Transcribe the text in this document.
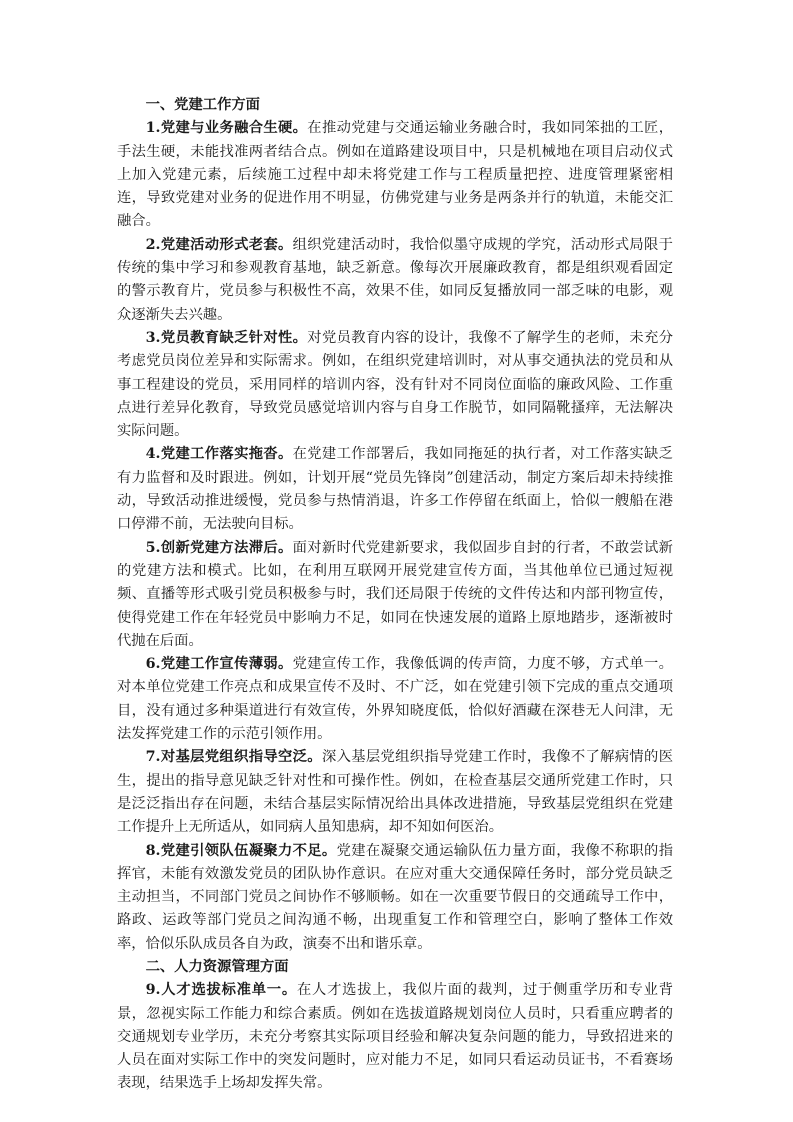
一、党建工作方面

1.党建与业务融合生硬。在推动党建与交通运输业务融合时，我如同笨拙的工匠，手法生硬，未能找准两者结合点。例如在道路建设项目中，只是机械地在项目启动仪式上加入党建元素，后续施工过程中却未将党建工作与工程质量把控、进度管理紧密相连，导致党建对业务的促进作用不明显，仿佛党建与业务是两条并行的轨道，未能交汇融合。

2.党建活动形式老套。组织党建活动时，我恰似墨守成规的学究，活动形式局限于传统的集中学习和参观教育基地，缺乏新意。像每次开展廉政教育，都是组织观看固定的警示教育片，党员参与积极性不高，效果不佳，如同反复播放同一部乏味的电影，观众逐渐失去兴趣。

3.党员教育缺乏针对性。对党员教育内容的设计，我像不了解学生的老师，未充分考虑党员岗位差异和实际需求。例如，在组织党建培训时，对从事交通执法的党员和从事工程建设的党员，采用同样的培训内容，没有针对不同岗位面临的廉政风险、工作重点进行差异化教育，导致党员感觉培训内容与自身工作脱节，如同隔靴搔痒，无法解决实际问题。

4.党建工作落实拖沓。在党建工作部署后，我如同拖延的执行者，对工作落实缺乏有力监督和及时跟进。例如，计划开展“党员先锋岗”创建活动，制定方案后却未持续推动，导致活动推进缓慢，党员参与热情消退，许多工作停留在纸面上，恰似一艘船在港口停滞不前，无法驶向目标。

5.创新党建方法滞后。面对新时代党建新要求，我似固步自封的行者，不敢尝试新的党建方法和模式。比如，在利用互联网开展党建宣传方面，当其他单位已通过短视频、直播等形式吸引党员积极参与时，我们还局限于传统的文件传达和内部刊物宣传，使得党建工作在年轻党员中影响力不足，如同在快速发展的道路上原地踏步，逐渐被时代抛在后面。

6.党建工作宣传薄弱。党建宣传工作，我像低调的传声筒，力度不够，方式单一。对本单位党建工作亮点和成果宣传不及时、不广泛，如在党建引领下完成的重点交通项目，没有通过多种渠道进行有效宣传，外界知晓度低，恰似好酒藏在深巷无人问津，无法发挥党建工作的示范引领作用。

7.对基层党组织指导空泛。深入基层党组织指导党建工作时，我像不了解病情的医生，提出的指导意见缺乏针对性和可操作性。例如，在检查基层交通所党建工作时，只是泛泛指出存在问题，未结合基层实际情况给出具体改进措施，导致基层党组织在党建工作提升上无所适从，如同病人虽知患病，却不知如何医治。

8.党建引领队伍凝聚力不足。党建在凝聚交通运输队伍力量方面，我像不称职的指挥官，未能有效激发党员的团队协作意识。在应对重大交通保障任务时，部分党员缺乏主动担当，不同部门党员之间协作不够顺畅。如在一次重要节假日的交通疏导工作中，路政、运政等部门党员之间沟通不畅，出现重复工作和管理空白，影响了整体工作效率，恰似乐队成员各自为政，演奏不出和谐乐章。

二、人力资源管理方面

9.人才选拔标准单一。在人才选拔上，我似片面的裁判，过于侧重学历和专业背景，忽视实际工作能力和综合素质。例如在选拔道路规划岗位人员时，只看重应聘者的交通规划专业学历，未充分考察其实际项目经验和解决复杂问题的能力，导致招进来的人员在面对实际工作中的突发问题时，应对能力不足，如同只看运动员证书，不看赛场表现，结果选手上场却发挥失常。
